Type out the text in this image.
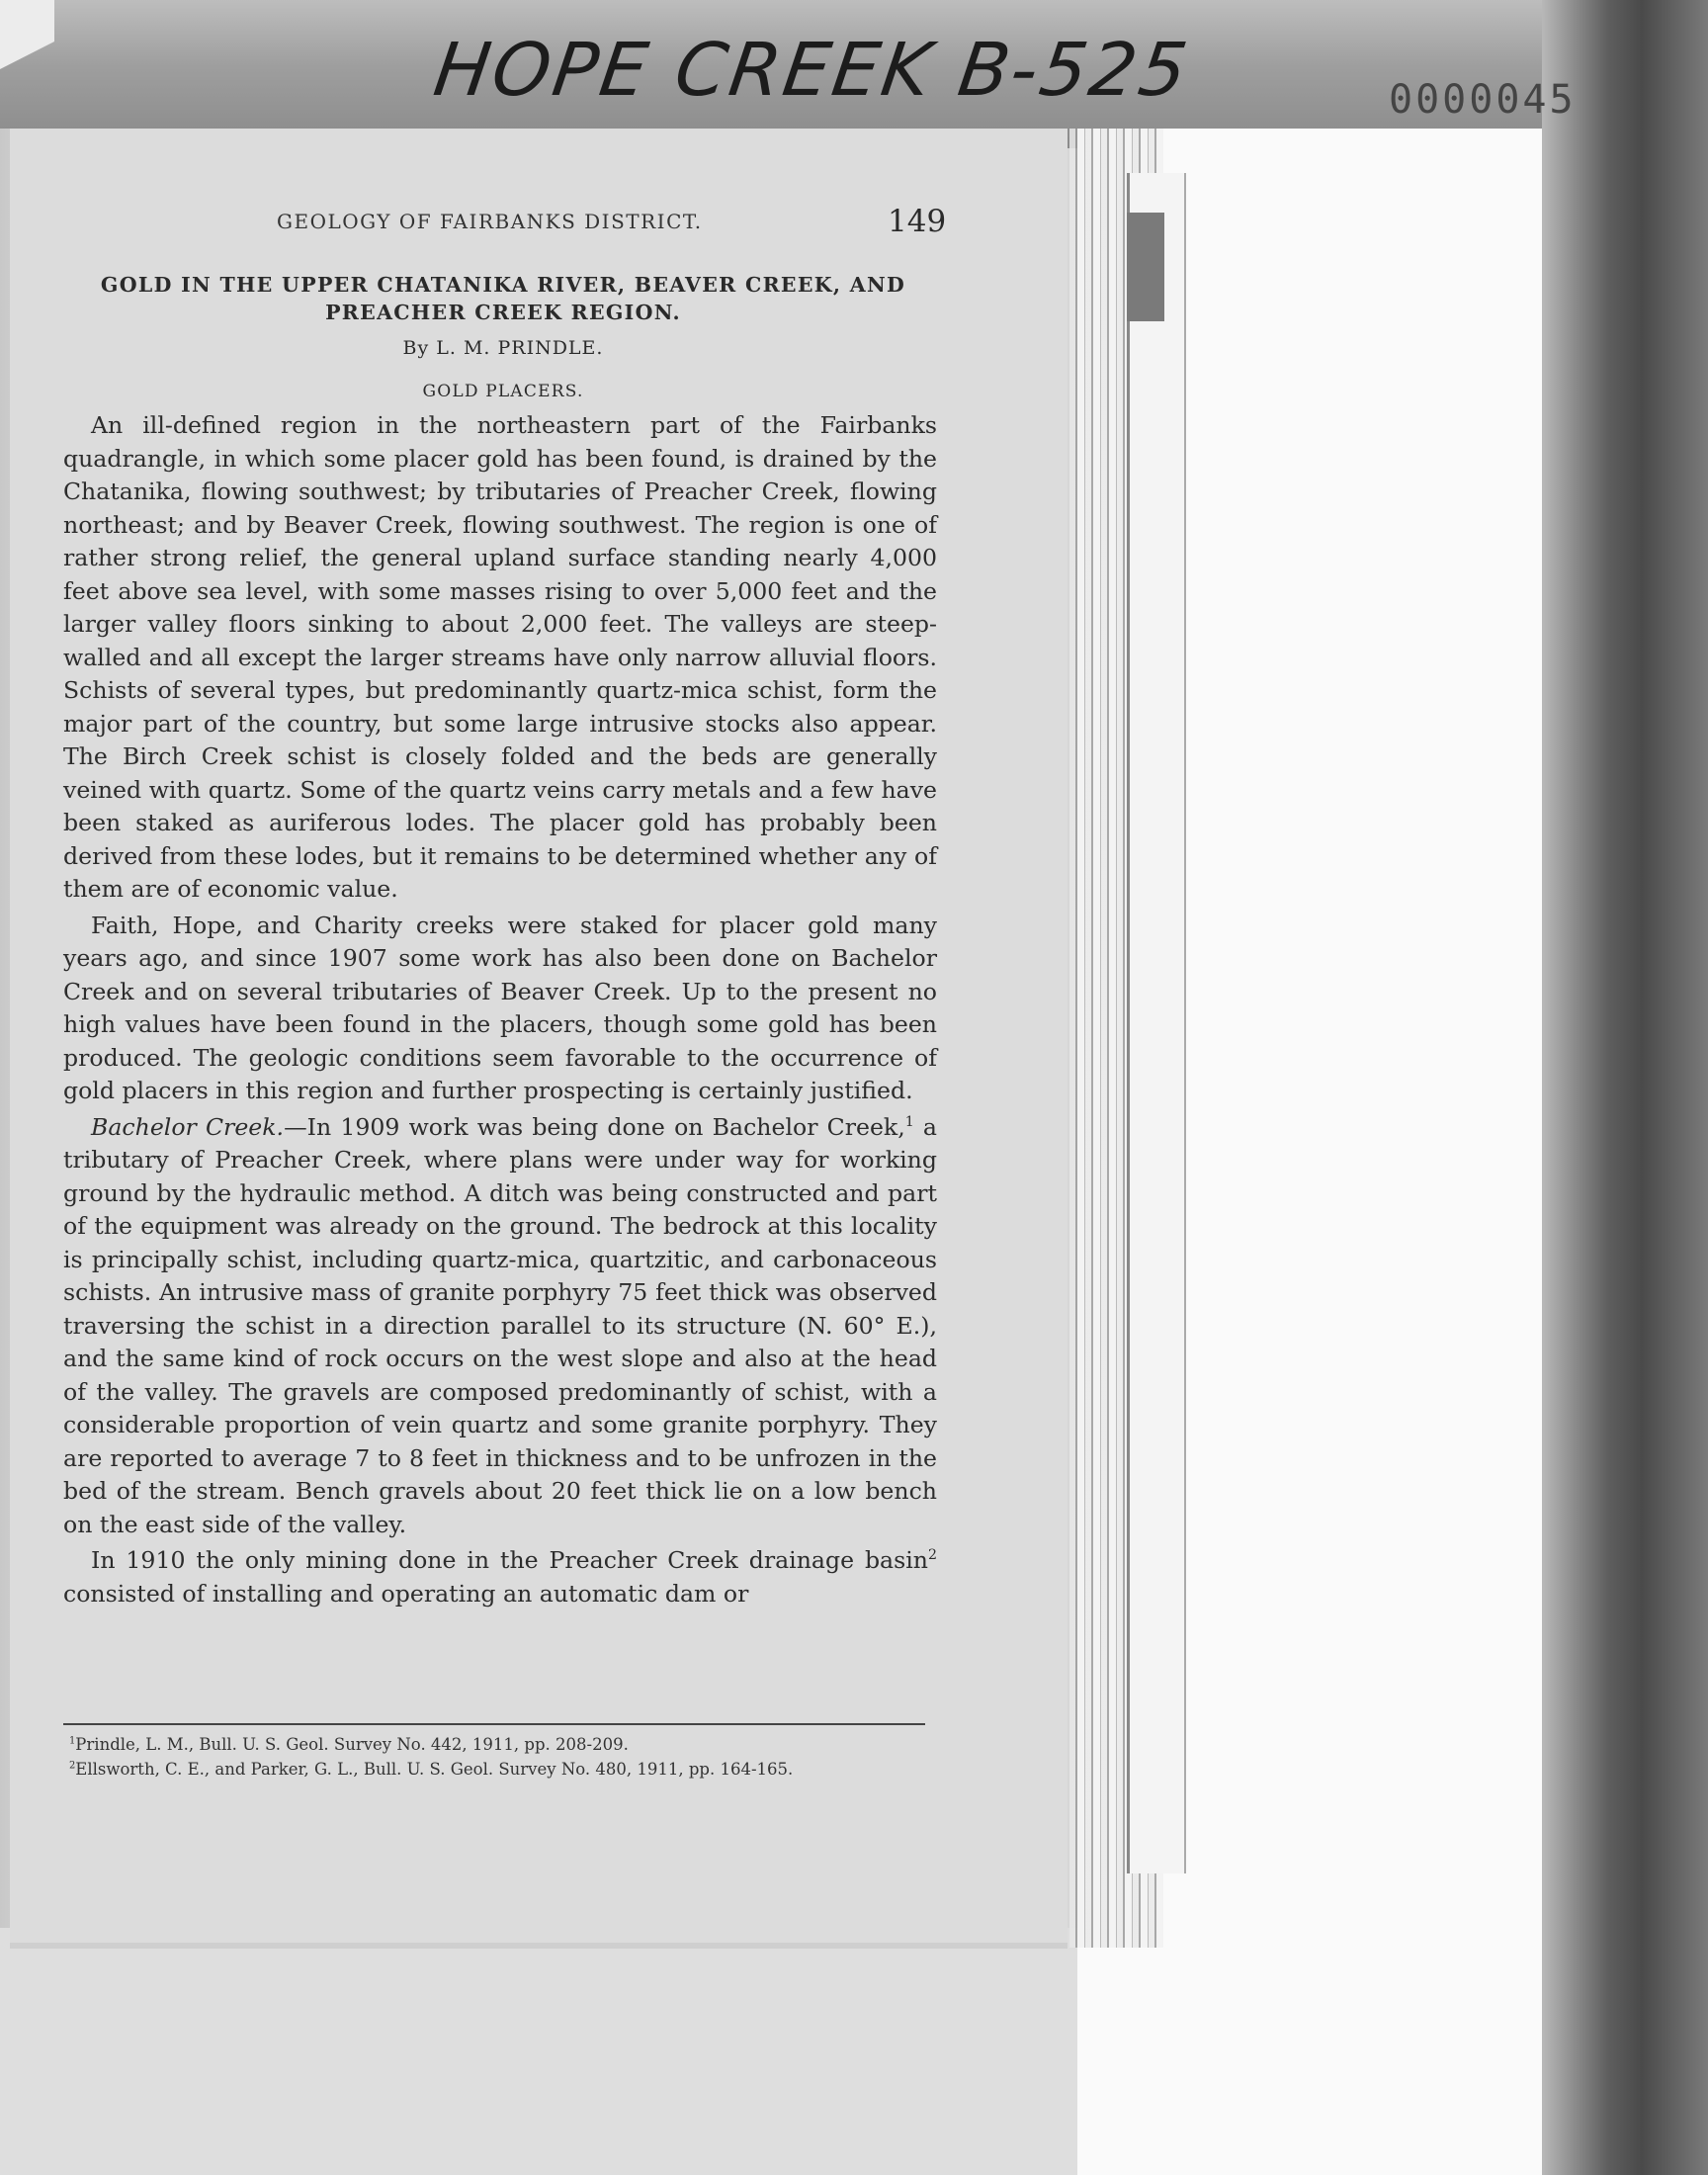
HOPE CREEK B-525	0000045
GEOLOGY OF FAIRBANKS DISTRICT.	149
GOLD IN THE UPPER CHATANIKA RIVER, BEAVER CREEK, AND
PREACHER CREEK REGION.
By L. M. PRINDLE.
GOLD PLACERS.

An ill-defined region in the northeastern part of the Fairbanks quadrangle, in which some placer gold has been found, is drained by the Chatanika, flowing southwest; by tributaries of Preacher Creek, flowing northeast; and by Beaver Creek, flowing southwest. The region is one of rather strong relief, the general upland surface standing nearly 4,000 feet above sea level, with some masses rising to over 5,000 feet and the larger valley floors sinking to about 2,000 feet. The valleys are steep-walled and all except the larger streams have only narrow alluvial floors. Schists of several types, but predominantly quartz-mica schist, form the major part of the country, but some large intrusive stocks also appear. The Birch Creek schist is closely folded and the beds are generally veined with quartz. Some of the quartz veins carry metals and a few have been staked as auriferous lodes. The placer gold has probably been derived from these lodes, but it remains to be determined whether any of them are of economic value.

Faith, Hope, and Charity creeks were staked for placer gold many years ago, and since 1907 some work has also been done on Bachelor Creek and on several tributaries of Beaver Creek. Up to the present no high values have been found in the placers, though some gold has been produced. The geologic conditions seem favorable to the occurrence of gold placers in this region and further prospecting is certainly justified.

Bachelor Creek.—In 1909 work was being done on Bachelor Creek,$^1$ a tributary of Preacher Creek, where plans were under way for working ground by the hydraulic method. A ditch was being constructed and part of the equipment was already on the ground. The bedrock at this locality is principally schist, including quartz-mica, quartzitic, and carbonaceous schists. An intrusive mass of granite porphyry 75 feet thick was observed traversing the schist in a direction parallel to its structure (N. 60° E.), and the same kind of rock occurs on the west slope and also at the head of the valley. The gravels are composed predominantly of schist, with a considerable proportion of vein quartz and some granite porphyry. They are reported to average 7 to 8 feet in thickness and to be unfrozen in the bed of the stream. Bench gravels about 20 feet thick lie on a low bench on the east side of the valley.

In 1910 the only mining done in the Preacher Creek drainage basin$^2$ consisted of installing and operating an automatic dam or

$^1$Prindle, L. M., Bull. U. S. Geol. Survey No. 442, 1911, pp. 208-209.

$^2$Ellsworth, C. E., and Parker, G. L., Bull. U. S. Geol. Survey No. 480, 1911, pp. 164-165.
